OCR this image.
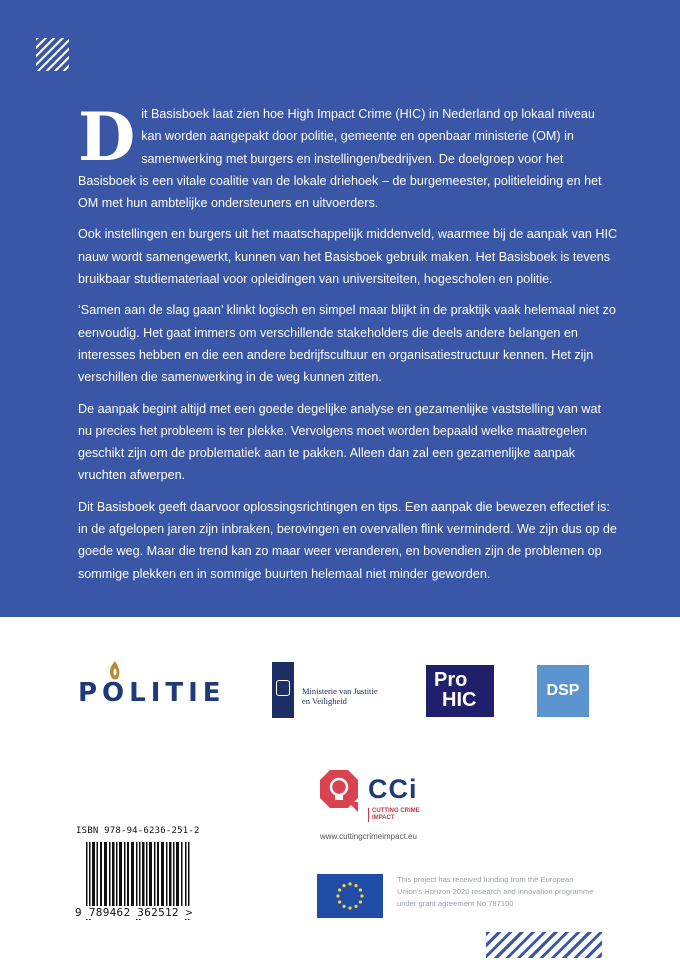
Dit Basisboek laat zien hoe High Impact Crime (HIC) in Nederland op lokaal niveau kan worden aangepakt door politie, gemeente en openbaar ministerie (OM) in samenwerking met burgers en instellingen/bedrijven. De doelgroep voor het Basisboek is een vitale coalitie van de lokale driehoek – de burgemeester, politieleiding en het OM met hun ambtelijke ondersteuners en uitvoerders.

Ook instellingen en burgers uit het maatschappelijk middenveld, waarmee bij de aanpak van HIC nauw wordt samengewerkt, kunnen van het Basisboek gebruik maken. Het Basisboek is tevens bruikbaar studiemateriaal voor opleidingen van universiteiten, hogescholen en politie.

‘Samen aan de slag gaan’ klinkt logisch en simpel maar blijkt in de praktijk vaak helemaal niet zo eenvoudig. Het gaat immers om verschillende stakeholders die deels andere belangen en interesses hebben en die een andere bedrijfscultuur en organisatiestructuur kennen. Het zijn verschillen die samenwerking in de weg kunnen zitten.

De aanpak begint altijd met een goede degelijke analyse en gezamenlijke vaststelling van wat nu precies het probleem is ter plekke. Vervolgens moet worden bepaald welke maatregelen geschikt zijn om de problematiek aan te pakken. Alleen dan zal een gezamenlijke aanpak vruchten afwerpen.

Dit Basisboek geeft daarvoor oplossingsrichtingen en tips. Een aanpak die bewezen effectief is: in de afgelopen jaren zijn inbraken, berovingen en overvallen flink verminderd. We zijn dus op de goede weg. Maar die trend kan zo maar weer veranderen, en bovendien zijn de problemen op sommige plekken en in sommige buurten helemaal niet minder geworden.

POLITIE	Ministerie van Justitie
en Veiligheid
Pro
HIC	DSP
CCi
CUTTING CRIME
IMPACT
www.cuttingcrimeimpact.eu
ISBN 978-94-6236-251-2
9 789462 362512 >
This project has received funding from the European Union’s Horizon 2020 research and innovation programme under grant agreement No 787100
